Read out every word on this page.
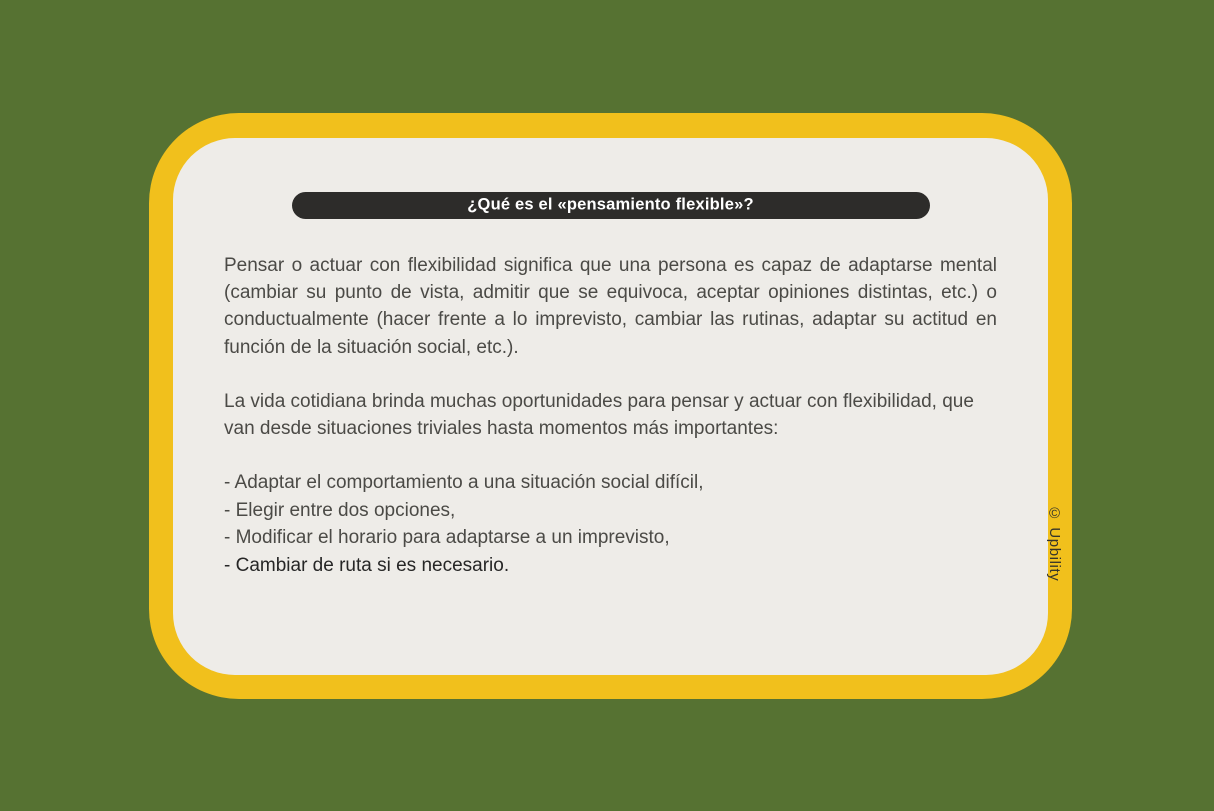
¿Qué es el «pensamiento flexible»?

Pensar o actuar con flexibilidad significa que una persona es capaz de adaptarse mental (cambiar su punto de vista, admitir que se equivoca, aceptar opiniones distintas, etc.) o conductualmente (hacer frente a lo imprevisto, cambiar las rutinas, adaptar su actitud en función de la situación social, etc.).

La vida cotidiana brinda muchas oportunidades para pensar y actuar con flexibilidad, que van desde situaciones triviales hasta momentos más importantes:

- Adaptar el comportamiento a una situación social difícil,
- Elegir entre dos opciones,
- Modificar el horario para adaptarse a un imprevisto,
- Cambiar de ruta si es necesario.	© Upbility
